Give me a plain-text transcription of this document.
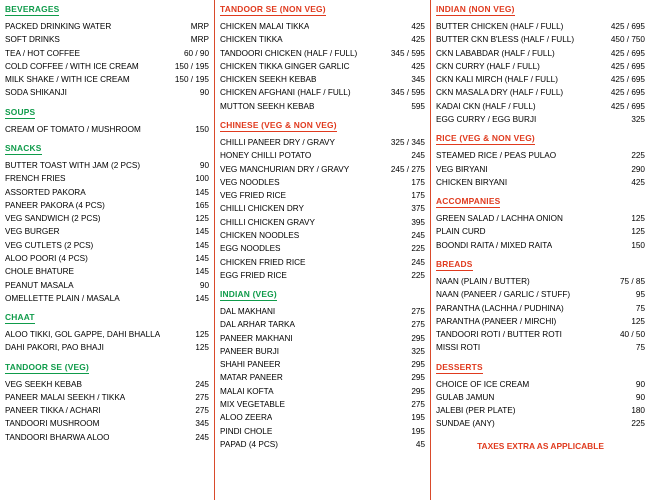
BEVERAGES
PACKED DRINKING WATER	MRP
SOFT DRINKS	MRP
TEA / HOT COFFEE	60 / 90
COLD COFFEE / WITH ICE CREAM	150 / 195
MILK SHAKE / WITH ICE CREAM	150 / 195
SODA SHIKANJI	90
SOUPS
CREAM OF TOMATO / MUSHROOM	150
SNACKS
BUTTER TOAST WITH JAM (2 PCS)	90
FRENCH FRIES	100
ASSORTED PAKORA	145
PANEER PAKORA (4 PCS)	165
VEG SANDWICH (2 PCS)	125
VEG BURGER	145
VEG CUTLETS (2 PCS)	145
ALOO POORI (4 PCS)	145
CHOLE BHATURE	145
PEANUT MASALA	90
OMELLETTE PLAIN / MASALA	145
CHAAT
ALOO TIKKI, GOL GAPPE, DAHI BHALLA	125
DAHI PAKORI, PAO BHAJI	125
TANDOOR SE (VEG)
VEG SEEKH KEBAB	245
PANEER MALAI SEEKH / TIKKA	275
PANEER TIKKA / ACHARI	275
TANDOORI MUSHROOM	345
TANDOORI BHARWA ALOO	245
TANDOOR SE (NON VEG)
CHICKEN MALAI TIKKA	425
CHICKEN TIKKA	425
TANDOORI CHICKEN (HALF / FULL)	345 / 595
CHICKEN TIKKA GINGER GARLIC	425
CHICKEN SEEKH KEBAB	345
CHICKEN AFGHANI (HALF / FULL)	345 / 595
MUTTON SEEKH KEBAB	595
CHINESE (VEG & NON VEG)
CHILLI PANEER DRY / GRAVY	325 / 345
HONEY CHILLI POTATO	245
VEG MANCHURIAN DRY / GRAVY	245 / 275
VEG NOODLES	175
VEG FRIED RICE	175
CHILLI CHICKEN DRY	375
CHILLI CHICKEN GRAVY	395
CHICKEN NOODLES	245
EGG NOODLES	225
CHICKEN FRIED RICE	245
EGG FRIED RICE	225
INDIAN (VEG)
DAL MAKHANI	275
DAL ARHAR TARKA	275
PANEER MAKHANI	295
PANEER BURJI	325
SHAHI PANEER	295
MATAR PANEER	295
MALAI KOFTA	295
MIX VEGETABLE	275
ALOO ZEERA	195
PINDI CHOLE	195
PAPAD (4 PCS)	45
INDIAN (NON VEG)
BUTTER CHICKEN (HALF / FULL)	425 / 695
BUTTER CKN B'LESS (HALF / FULL)	450 / 750
CKN LABABDAR (HALF / FULL)	425 / 695
CKN CURRY (HALF / FULL)	425 / 695
CKN KALI MIRCH (HALF / FULL)	425 / 695
CKN MASALA DRY (HALF / FULL)	425 / 695
KADAI CKN (HALF / FULL)	425 / 695
EGG CURRY / EGG BURJI	325
RICE (VEG & NON VEG)
STEAMED RICE / PEAS PULAO	225
VEG BIRYANI	290
CHICKEN BIRYANI	425
ACCOMPANIES
GREEN SALAD / LACHHA ONION	125
PLAIN CURD	125
BOONDI RAITA / MIXED RAITA	150
BREADS
NAAN (PLAIN / BUTTER)	75 / 85
NAAN (PANEER / GARLIC / STUFF)	95
PARANTHA (LACHHA / PUDHINA)	75
PARANTHA (PANEER / MIRCHI)	125
TANDOORI ROTI / BUTTER ROTI	40 / 50
MISSI ROTI	75
DESSERTS
CHOICE OF ICE CREAM	90
GULAB JAMUN	90
JALEBI (PER PLATE)	180
SUNDAE (ANY)	225
TAXES EXTRA AS APPLICABLE
